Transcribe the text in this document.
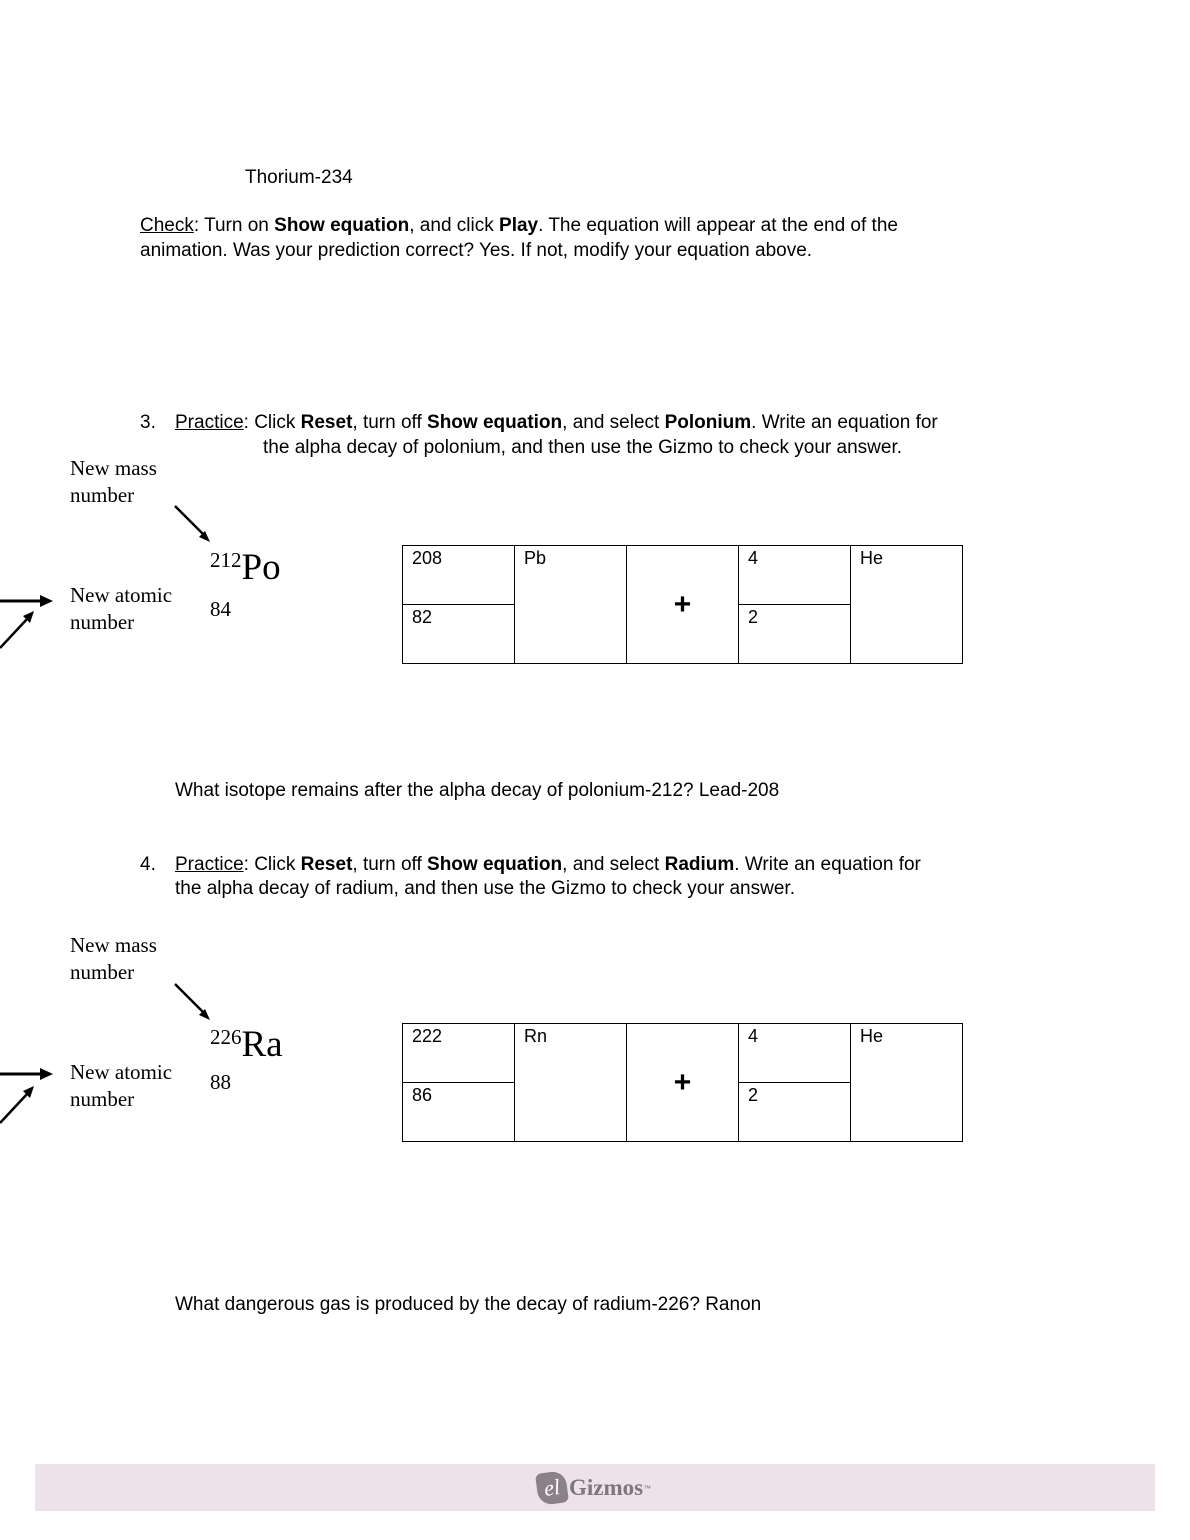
Thorium-234
Check: Turn on Show equation, and click Play. The equation will appear at the end of the
animation. Was your prediction correct? Yes. If not, modify your equation above.
3. Practice: Click Reset, turn off Show equation, and select Polonium. Write an equation for
the alpha decay of polonium, and then use the Gizmo to check your answer.
New mass
number
New atomic
number
212Po
84
208	Pb	+	4	He
82			2	
What isotope remains after the alpha decay of polonium-212? Lead-208
4. Practice: Click Reset, turn off Show equation, and select Radium. Write an equation for
the alpha decay of radium, and then use the Gizmo to check your answer.
New mass
number
New atomic
number
226Ra
88
222	Rn	+	4	He
86			2	
What dangerous gas is produced by the decay of radium-226? Ranon
el Gizmos ™
